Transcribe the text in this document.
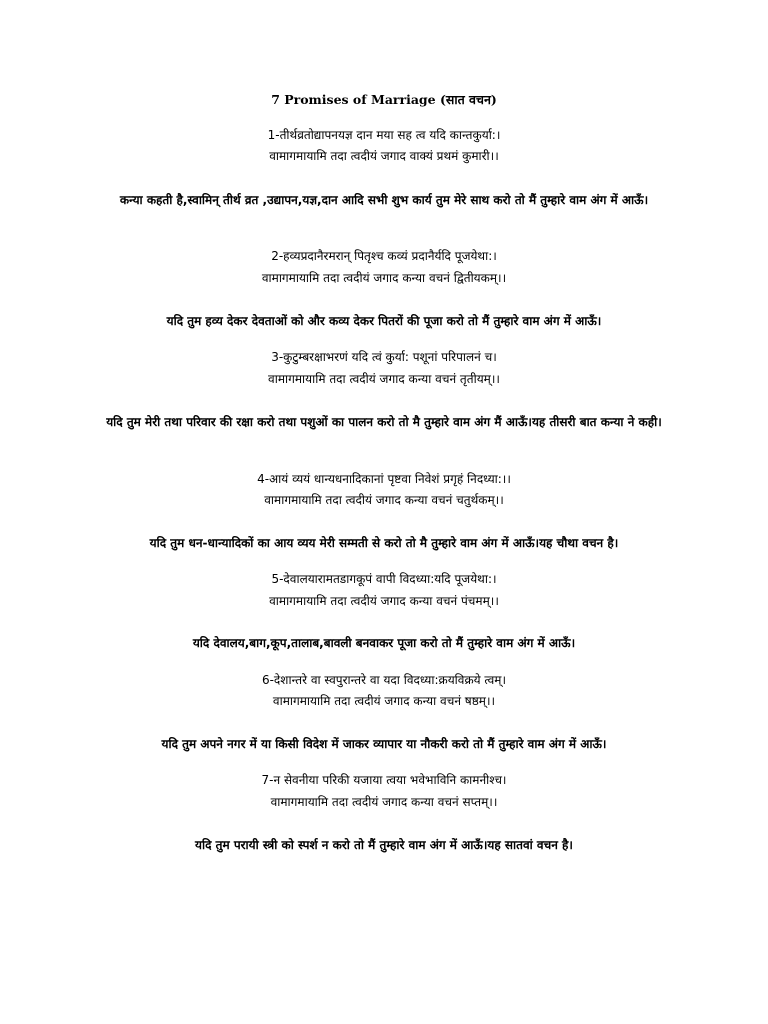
7 Promises of Marriage (सात वचन)
1-तीर्थव्रतोद्यापनयज्ञ दान मया सह त्व यदि कान्तकुर्या:।
वामागमायामि तदा त्वदीयं जगाद वाक्यं प्रथमं कुमारी।।
कन्या कहती है,स्वामिन् तीर्थ व्रत ,उद्यापन,यज्ञ,दान आदि सभी शुभ कार्य तुम मेरे साथ करो तो मैं तुम्हारे वाम अंग में आऊँ।
2-हव्यप्रदानैरमरान् पितृश्च कव्यं प्रदानैर्यदि पूजयेथा:।
वामागमायामि तदा त्वदीयं जगाद कन्या वचनं द्वितीयकम्।।
यदि तुम हव्य देकर देवताओं को और कव्य देकर पितरों की पूजा करो तो मैं तुम्हारे वाम अंग में आऊँ।
3-कुटुम्बरक्षाभरणं यदि त्वं कुर्या: पशूनां परिपालनं च।
वामागमायामि तदा त्वदीयं जगाद कन्या वचनं तृतीयम्।।
यदि तुम मेरी तथा परिवार की रक्षा करो तथा पशुओं का पालन करो तो मै तुम्हारे वाम अंग मैं आऊँ।यह तीसरी बात कन्या ने कही।
4-आयं व्ययं धान्यधनादिकानां पृष्टवा निवेशं प्रगृहं निदध्या:।।
वामागमायामि तदा त्वदीयं जगाद कन्या वचनं चतुर्थकम्।।
यदि तुम धन-धान्यादिकों का आय व्यय मेरी सम्मती से करो तो मै तुम्हारे वाम अंग में आऊँ।यह चौथा वचन है।
5-देवालयारामतडागकूपं वापी विदध्या:यदि पूजयेथा:।
वामागमायामि तदा त्वदीयं जगाद कन्या वचनं पंचमम्।।
यदि देवालय,बाग,कूप,तालाब,बावली बनवाकर पूजा करो तो मैं तुम्हारे वाम अंग में आऊँ।
6-देशान्तरे वा स्वपुरान्तरे वा यदा विदध्या:क्रयविक्रये त्वम्।
वामागमायामि तदा त्वदीयं जगाद कन्या वचनं षष्ठम्।।
यदि तुम अपने नगर में या किसी विदेश में जाकर व्यापार या नौकरी करो तो मैं तुम्हारे वाम अंग में आऊँ।
7-न सेवनीया परिकी यजाया त्वया भवेभाविनि कामनीश्च।
वामागमायामि तदा त्वदीयं जगाद कन्या वचनं सप्तम्।।
यदि तुम परायी स्त्री को स्पर्श न करो तो मैं तुम्हारे वाम अंग में आऊँ।यह सातवां वचन है।
